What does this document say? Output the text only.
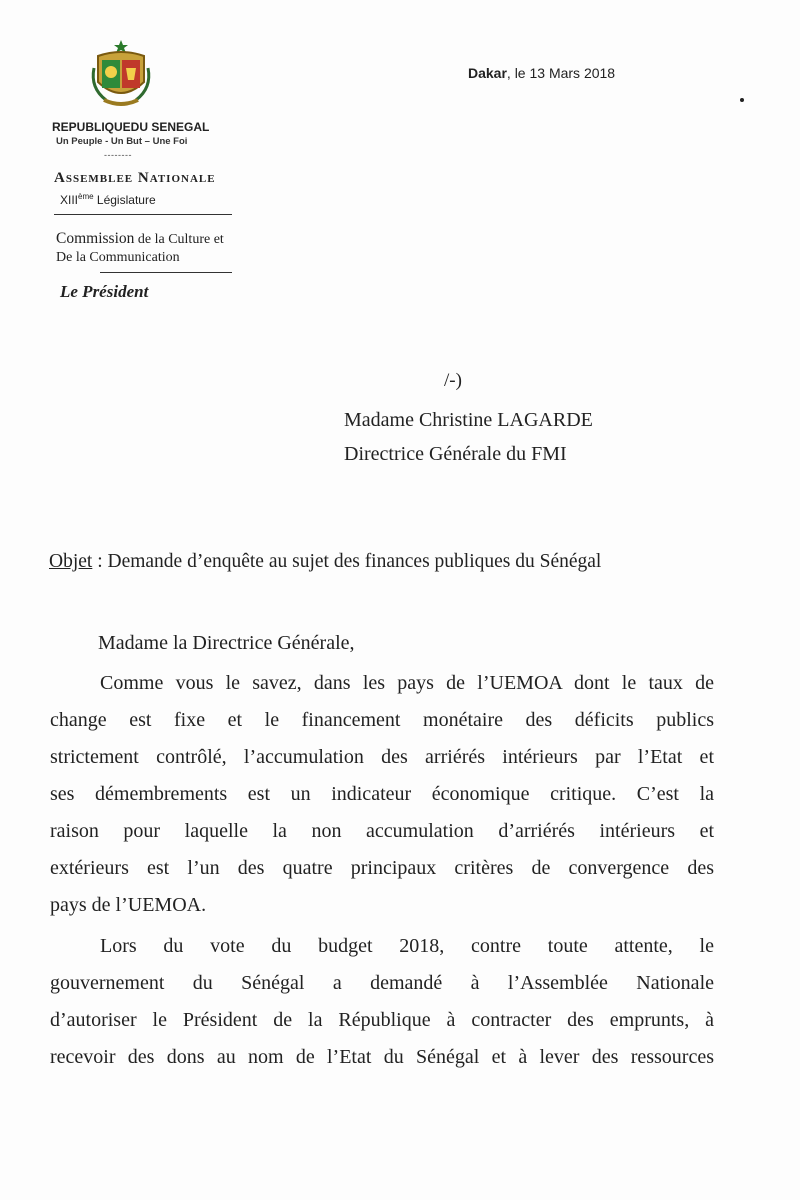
REPUBLIQUEDU SENEGAL
Un Peuple - Un But – Une Foi
--------
Assemblee Nationale
XIIIème Législature
Commission de la Culture et
De la Communication
Le Président
Dakar, le 13 Mars 2018
/-)
Madame Christine LAGARDE
Directrice Générale du FMI
Objet : Demande d’enquête au sujet des finances publiques du Sénégal
Madame la Directrice Générale,
Comme vous le savez, dans les pays de l’UEMOA dont le taux de
change est fixe et le financement monétaire des déficits publics
strictement contrôlé, l’accumulation des arriérés intérieurs par l’Etat et
ses démembrements est un indicateur économique critique. C’est la
raison pour laquelle la non accumulation d’arriérés intérieurs et
extérieurs est l’un des quatre principaux critères de convergence des
pays de l’UEMOA.
Lors du vote du budget 2018, contre toute attente, le
gouvernement du Sénégal a demandé à l’Assemblée Nationale
d’autoriser le Président de la République à contracter des emprunts, à
recevoir des dons au nom de l’Etat du Sénégal et à lever des ressources
